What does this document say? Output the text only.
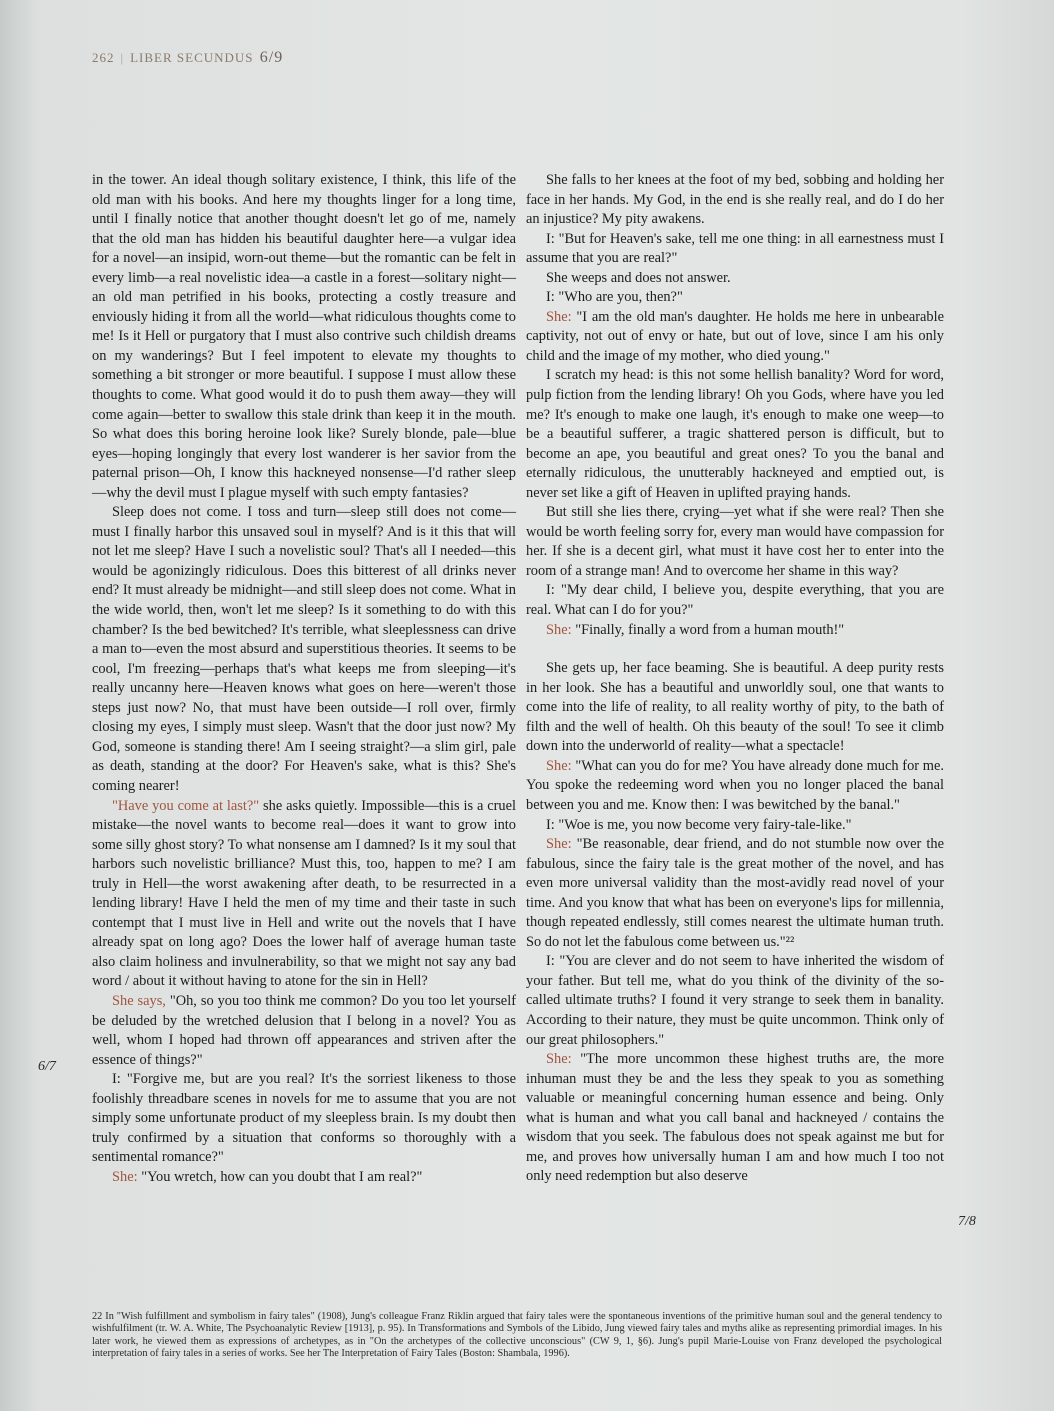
262 | LIBER SECUNDUS 6/9

in the tower. An ideal though solitary existence, I think, this life of the old man with his books. And here my thoughts linger for a long time, until I finally notice that another thought doesn't let go of me, namely that the old man has hidden his beautiful daughter here—a vulgar idea for a novel—an insipid, worn-out theme—but the romantic can be felt in every limb—a real novelistic idea—a castle in a forest—solitary night—an old man petrified in his books, protecting a costly treasure and enviously hiding it from all the world—what ridiculous thoughts come to me! Is it Hell or purgatory that I must also contrive such childish dreams on my wanderings? But I feel impotent to elevate my thoughts to something a bit stronger or more beautiful. I suppose I must allow these thoughts to come. What good would it do to push them away—they will come again—better to swallow this stale drink than keep it in the mouth. So what does this boring heroine look like? Surely blonde, pale—blue eyes—hoping longingly that every lost wanderer is her savior from the paternal prison—Oh, I know this hackneyed nonsense—I'd rather sleep—why the devil must I plague myself with such empty fantasies?

Sleep does not come. I toss and turn—sleep still does not come—must I finally harbor this unsaved soul in myself? And is it this that will not let me sleep? Have I such a novelistic soul? That's all I needed—this would be agonizingly ridiculous. Does this bitterest of all drinks never end? It must already be midnight—and still sleep does not come. What in the wide world, then, won't let me sleep? Is it something to do with this chamber? Is the bed bewitched? It's terrible, what sleeplessness can drive a man to—even the most absurd and superstitious theories. It seems to be cool, I'm freezing—perhaps that's what keeps me from sleeping—it's really uncanny here—Heaven knows what goes on here—weren't those steps just now? No, that must have been outside—I roll over, firmly closing my eyes, I simply must sleep. Wasn't that the door just now? My God, someone is standing there! Am I seeing straight?—a slim girl, pale as death, standing at the door? For Heaven's sake, what is this? She's coming nearer!

"Have you come at last?" she asks quietly. Impossible—this is a cruel mistake—the novel wants to become real—does it want to grow into some silly ghost story? To what nonsense am I damned? Is it my soul that harbors such novelistic brilliance? Must this, too, happen to me? I am truly in Hell—the worst awakening after death, to be resurrected in a lending library! Have I held the men of my time and their taste in such contempt that I must live in Hell and write out the novels that I have already spat on long ago? Does the lower half of average human taste also claim holiness and invulnerability, so that we might not say any bad word / about it without having to atone for the sin in Hell?

She says, "Oh, so you too think me common? Do you too let yourself be deluded by the wretched delusion that I belong in a novel? You as well, whom I hoped had thrown off appearances and striven after the essence of things?"

I: "Forgive me, but are you real? It's the sorriest likeness to those foolishly threadbare scenes in novels for me to assume that you are not simply some unfortunate product of my sleepless brain. Is my doubt then truly confirmed by a situation that conforms so thoroughly with a sentimental romance?"

She: "You wretch, how can you doubt that I am real?"

She falls to her knees at the foot of my bed, sobbing and holding her face in her hands. My God, in the end is she really real, and do I do her an injustice? My pity awakens.

I: "But for Heaven's sake, tell me one thing: in all earnestness must I assume that you are real?"

She weeps and does not answer.

I: "Who are you, then?"

She: "I am the old man's daughter. He holds me here in unbearable captivity, not out of envy or hate, but out of love, since I am his only child and the image of my mother, who died young."

I scratch my head: is this not some hellish banality? Word for word, pulp fiction from the lending library! Oh you Gods, where have you led me? It's enough to make one laugh, it's enough to make one weep—to be a beautiful sufferer, a tragic shattered person is difficult, but to become an ape, you beautiful and great ones? To you the banal and eternally ridiculous, the unutterably hackneyed and emptied out, is never set like a gift of Heaven in uplifted praying hands.

But still she lies there, crying—yet what if she were real? Then she would be worth feeling sorry for, every man would have compassion for her. If she is a decent girl, what must it have cost her to enter into the room of a strange man! And to overcome her shame in this way?

I: "My dear child, I believe you, despite everything, that you are real. What can I do for you?"

She: "Finally, finally a word from a human mouth!"

She gets up, her face beaming. She is beautiful. A deep purity rests in her look. She has a beautiful and unworldly soul, one that wants to come into the life of reality, to all reality worthy of pity, to the bath of filth and the well of health. Oh this beauty of the soul! To see it climb down into the underworld of reality—what a spectacle!

She: "What can you do for me? You have already done much for me. You spoke the redeeming word when you no longer placed the banal between you and me. Know then: I was bewitched by the banal."

I: "Woe is me, you now become very fairy-tale-like."

She: "Be reasonable, dear friend, and do not stumble now over the fabulous, since the fairy tale is the great mother of the novel, and has even more universal validity than the most-avidly read novel of your time. And you know that what has been on everyone's lips for millennia, though repeated endlessly, still comes nearest the ultimate human truth. So do not let the fabulous come between us."²²

I: "You are clever and do not seem to have inherited the wisdom of your father. But tell me, what do you think of the divinity of the so-called ultimate truths? I found it very strange to seek them in banality. According to their nature, they must be quite uncommon. Think only of our great philosophers."

She: "The more uncommon these highest truths are, the more inhuman must they be and the less they speak to you as something valuable or meaningful concerning human essence and being. Only what is human and what you call banal and hackneyed / contains the wisdom that you seek. The fabulous does not speak against me but for me, and proves how universally human I am and how much I too not only need redemption but also deserve

6/7
7/8
22 In "Wish fulfillment and symbolism in fairy tales" (1908), Jung's colleague Franz Riklin argued that fairy tales were the spontaneous inventions of the primitive human soul and the general tendency to wishfulfilment (tr. W. A. White, The Psychoanalytic Review [1913], p. 95). In Transformations and Symbols of the Libido, Jung viewed fairy tales and myths alike as representing primordial images. In his later work, he viewed them as expressions of archetypes, as in "On the archetypes of the collective unconscious" (CW 9, 1, §6). Jung's pupil Marie-Louise von Franz developed the psychological interpretation of fairy tales in a series of works. See her The Interpretation of Fairy Tales (Boston: Shambala, 1996).
